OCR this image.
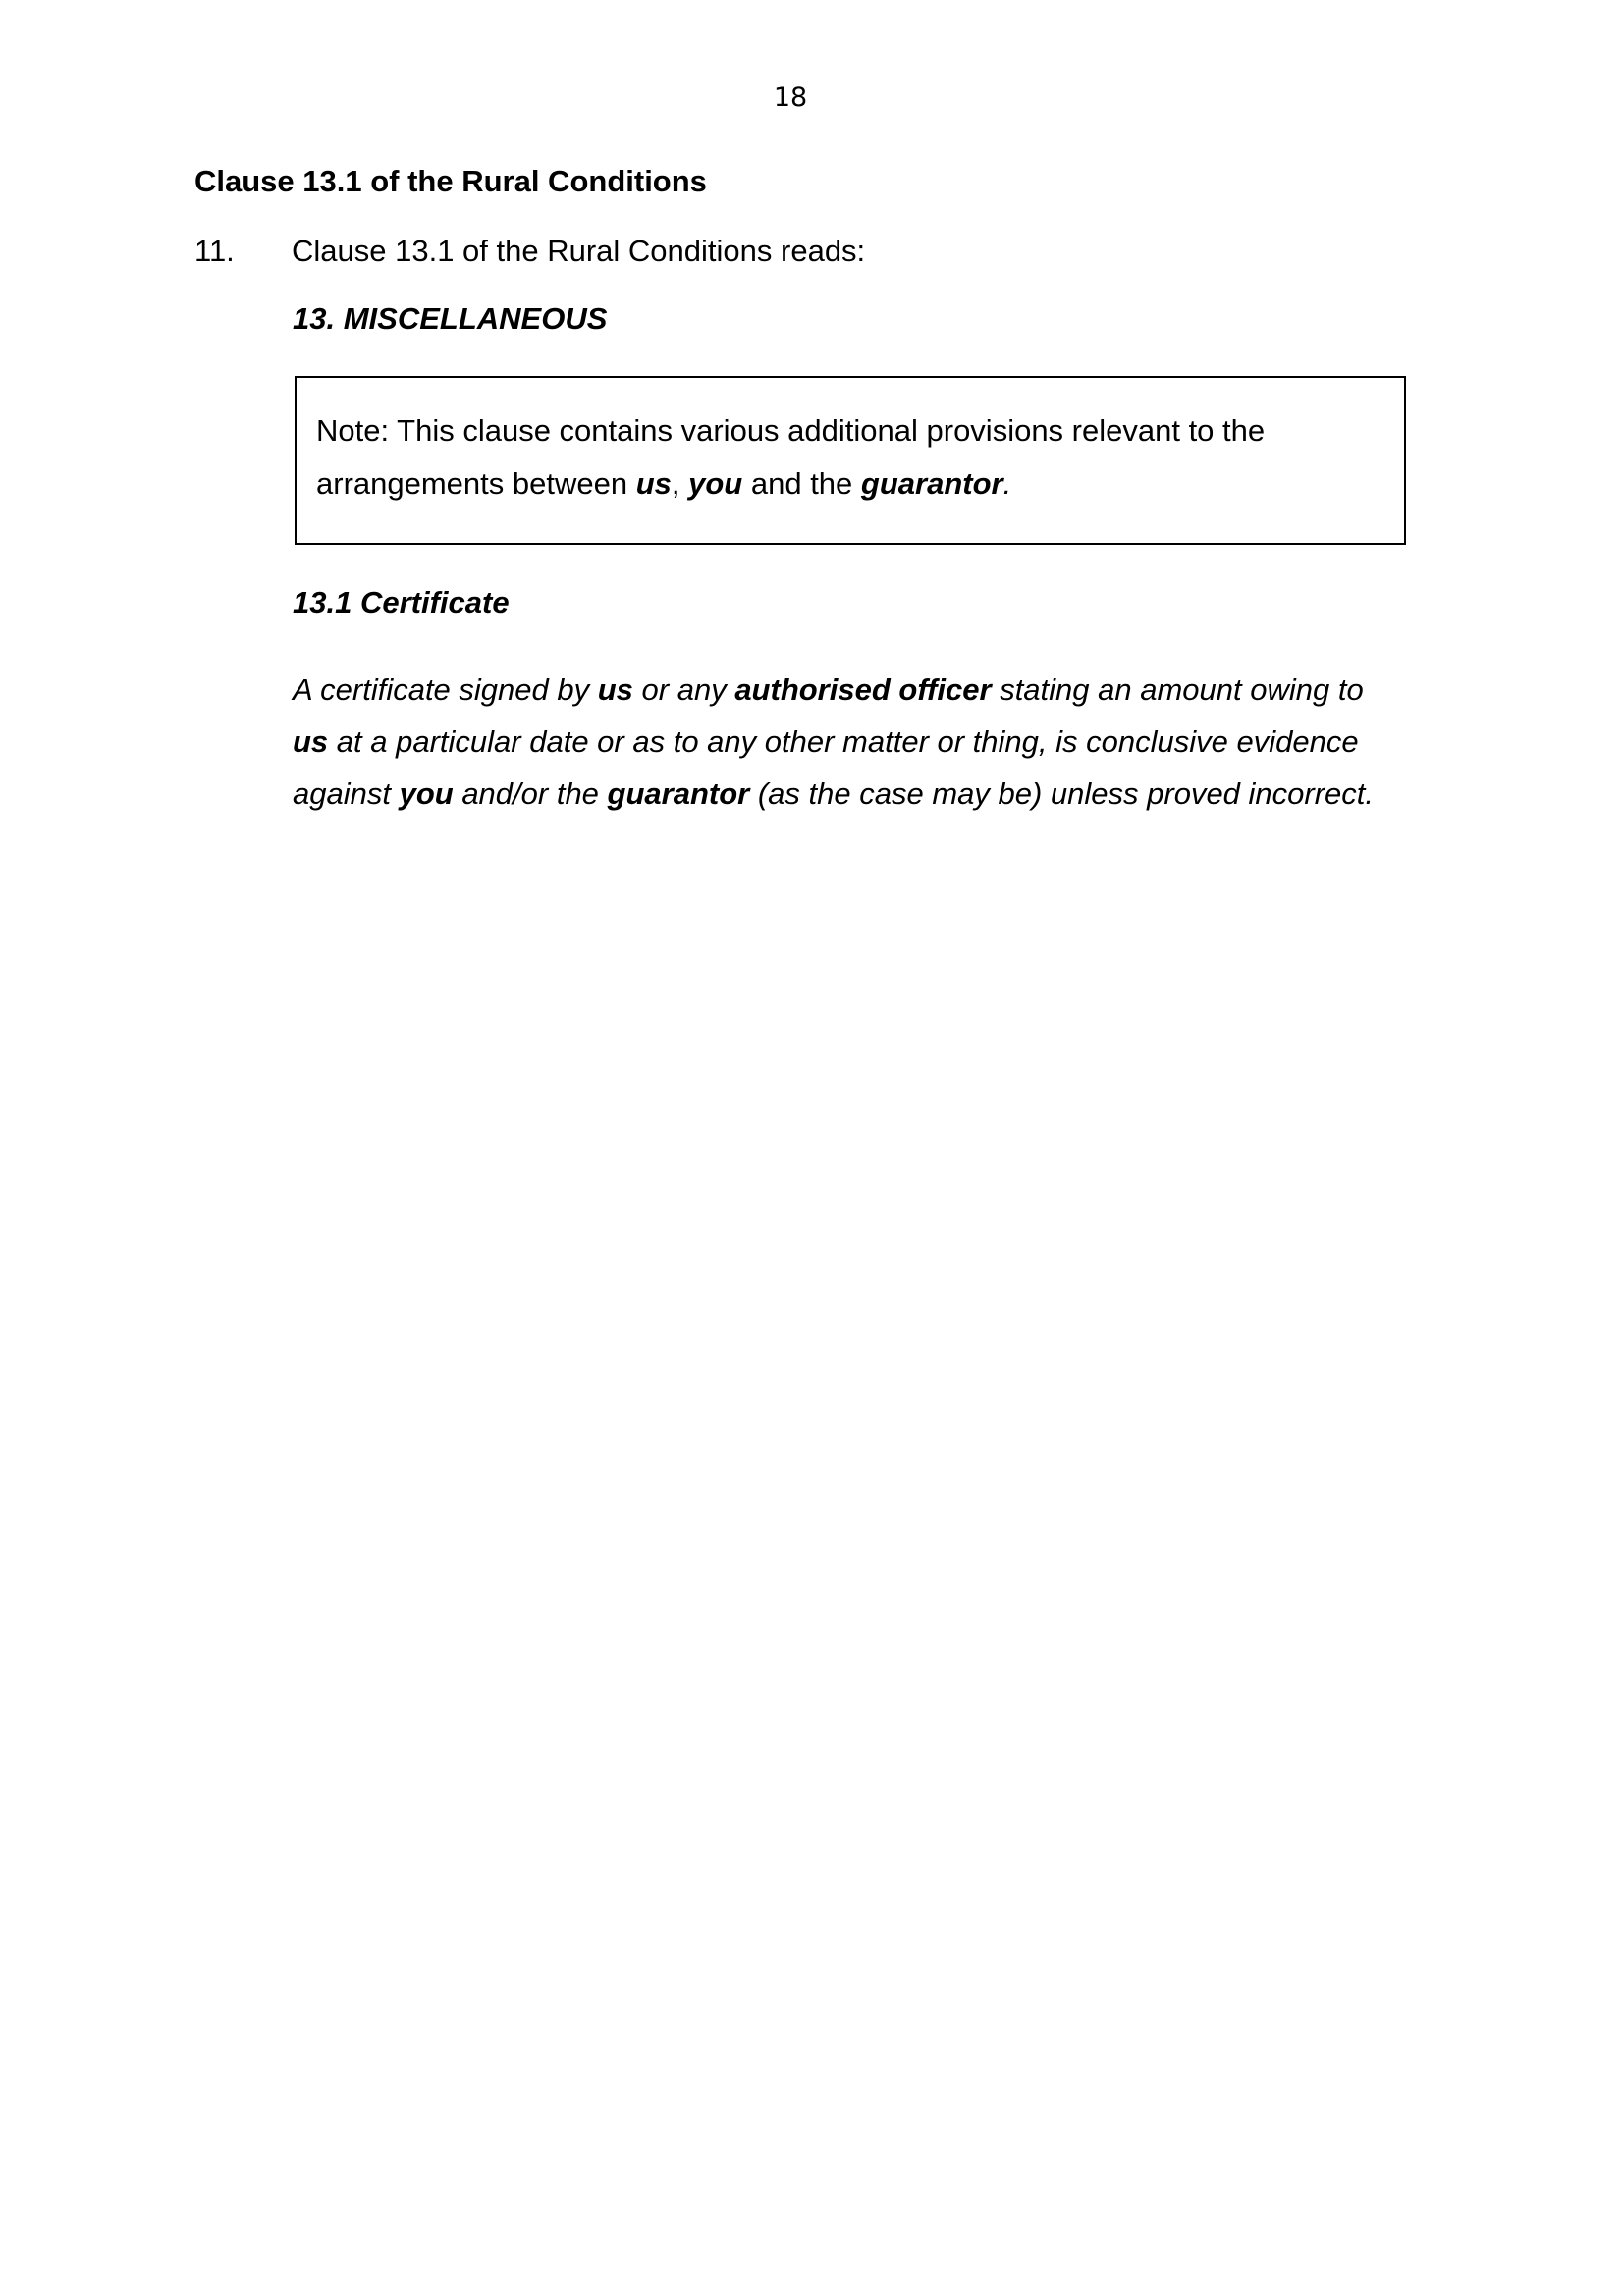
18
Clause 13.1 of the Rural Conditions
11. Clause 13.1 of the Rural Conditions reads:
13. MISCELLANEOUS
Note: This clause contains various additional provisions relevant to the
arrangements between us, you and the guarantor.
13.1 Certificate
A certificate signed by us or any authorised officer stating an amount owing to
us at a particular date or as to any other matter or thing, is conclusive evidence
against you and/or the guarantor (as the case may be) unless proved incorrect.
